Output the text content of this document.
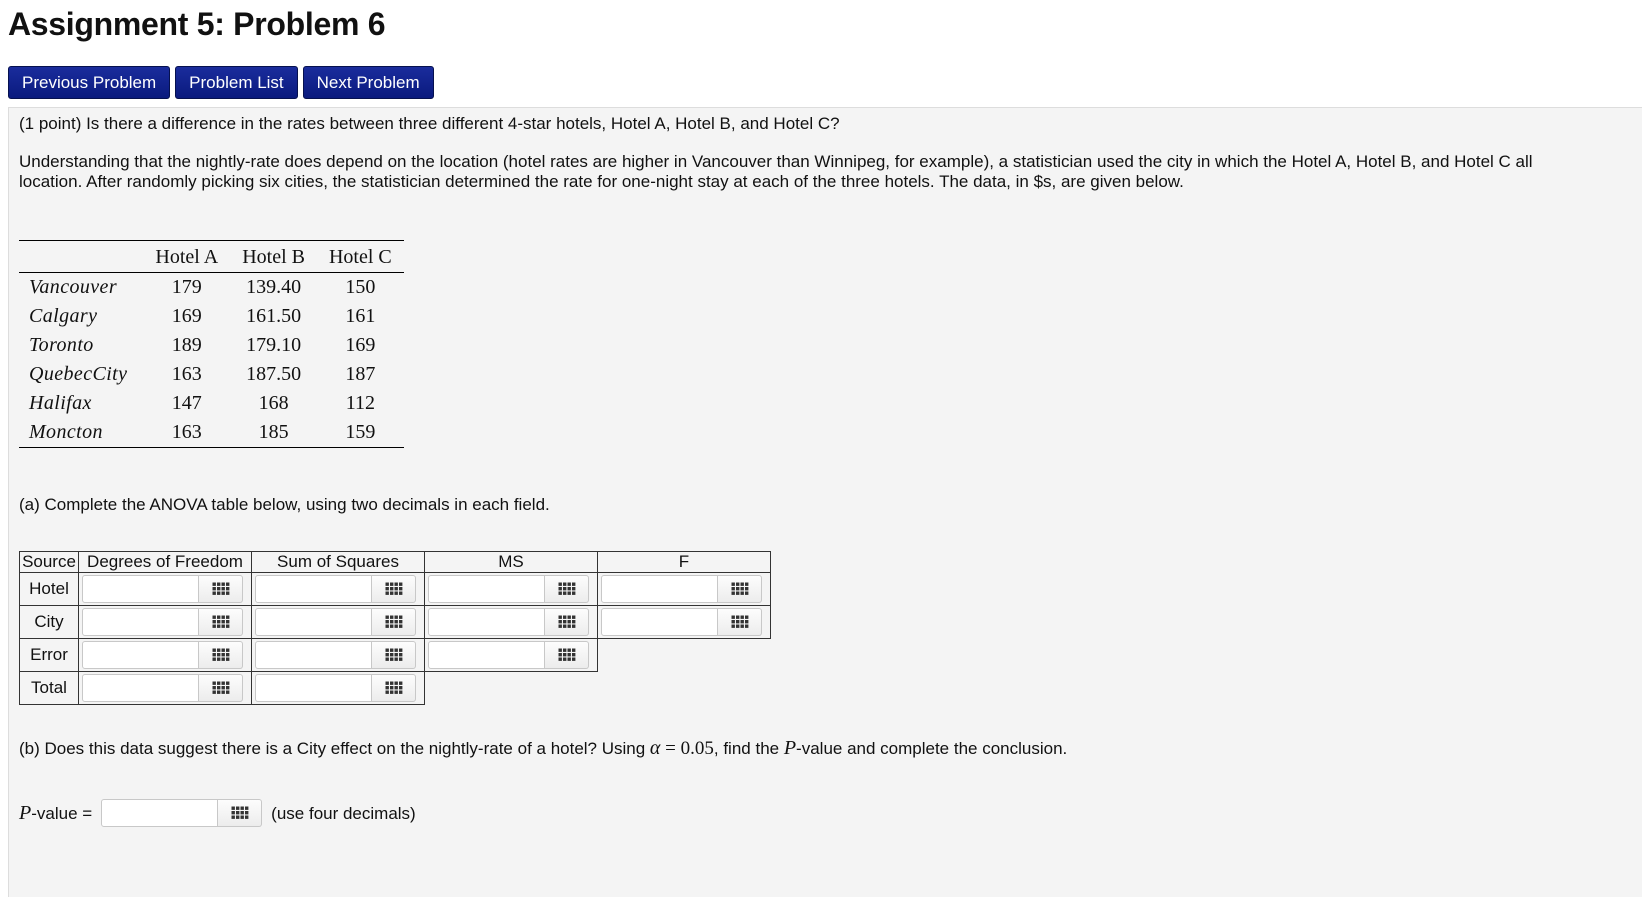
Assignment 5: Problem 6
Previous Problem	Problem List	Next Problem

(1 point) Is there a difference in the rates between three different 4-star hotels, Hotel A, Hotel B, and Hotel C?

Understanding that the nightly-rate does depend on the location (hotel rates are higher in Vancouver than Winnipeg, for example), a statistician used the city in which the Hotel A, Hotel B, and Hotel C all

location. After randomly picking six cities, the statistician determined the rate for one-night stay at each of the three hotels. The data, in $s, are given below.

	Hotel A	Hotel B	Hotel C
Vancouver	179	139.40	150
Calgary	169	161.50	161
Toronto	189	179.10	169
QuebecCity	163	187.50	187
Halifax	147	168	112
Moncton	163	185	159

(a) Complete the ANOVA table below, using two decimals in each field.

Source	Degrees of Freedom	Sum of Squares	MS	F
Hotel	

City	

Error	

Total	

(b) Does this data suggest there is a City effect on the nightly-rate of a hotel? Using α = 0.05, find the P-value and complete the conclusion.

P-value =	(use four decimals)
